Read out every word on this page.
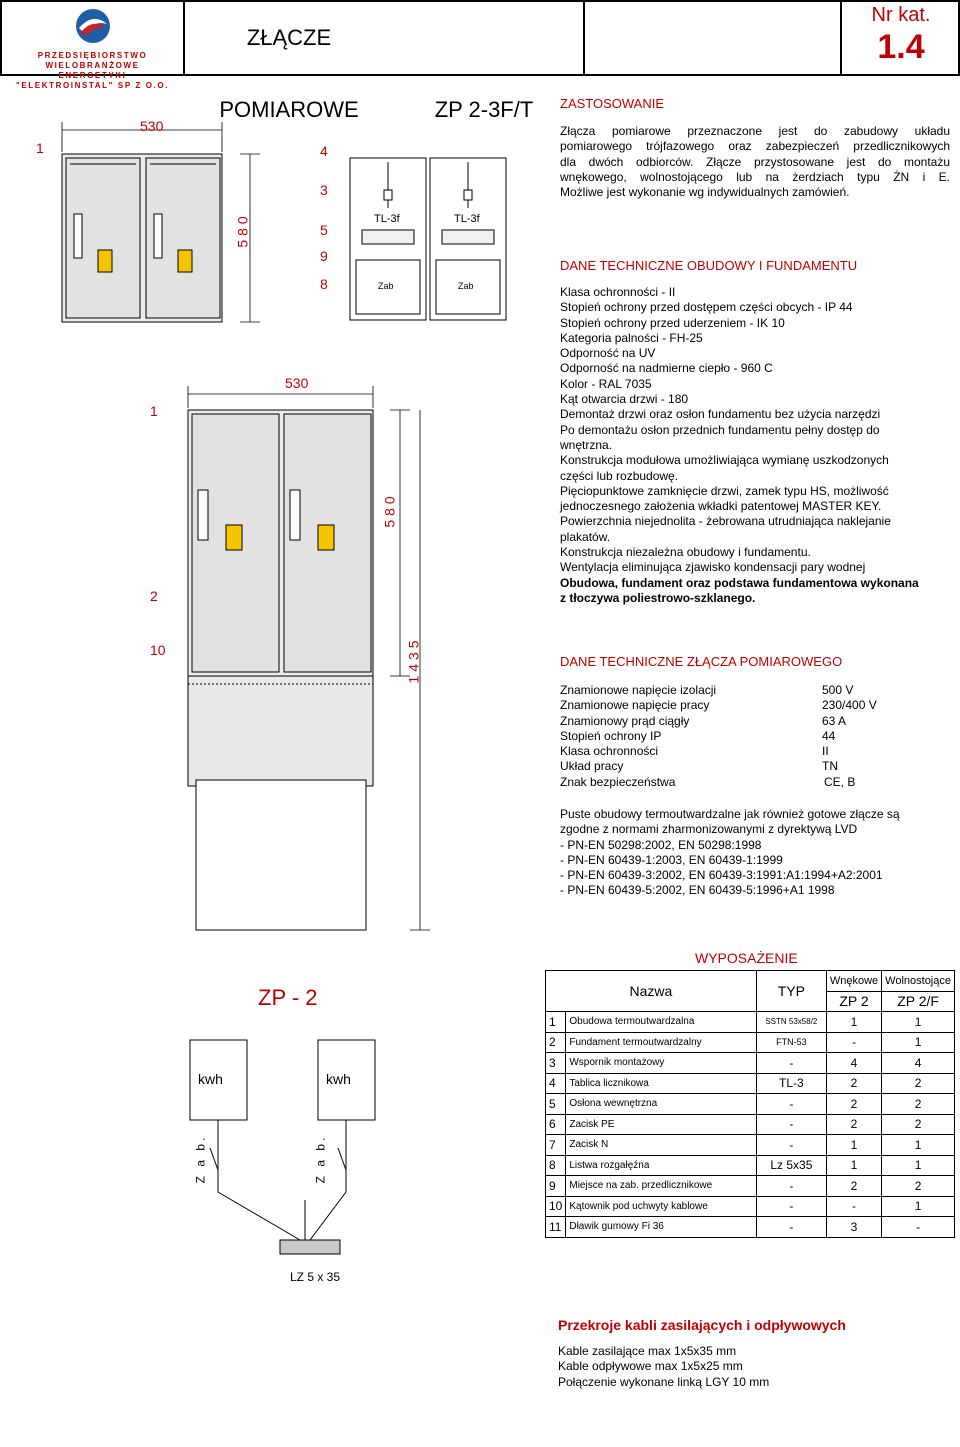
PRZEDSIĘBIORSTWO WIELOBRANŻOWE
ENERGETYKI
"ELEKTROINSTAL" SP Z O.O.
ZŁĄCZE POMIAROWE	ZP 2-3F/T
Nr kat.
1.4
530
580
530
580
1435
1	4
3
5
9
8
1
2
10
TL-3f	TL-3f
Zab	Zab
ZASTOSOWANIE

Złącza pomiarowe przeznaczone jest do zabudowy układu

pomiarowego trójfazowego oraz zabezpieczeń przedlicznikowych

dla dwóch odbiorców. Złącze przystosowane jest do montażu

wnękowego, wolnostojącego lub na żerdziach typu ŻN i E.

Możliwe jest wykonanie wg indywidualnych zamówień.

DANE TECHNICZNE OBUDOWY I FUNDAMENTU

Klasa ochronności - II

Stopień ochrony przed dostępem części obcych - IP 44

Stopień ochrony przed uderzeniem - IK 10

Kategoria palności - FH-25

Odporność na UV

Odporność na nadmierne ciepło - 960 C

Kolor - RAL 7035

Kąt otwarcia drzwi - 180

Demontaż drzwi oraz osłon fundamentu bez użycia narzędzi

Po demontażu osłon przednich fundamentu pełny dostęp do

wnętrzna.

Konstrukcja modułowa umożliwiająca wymianę uszkodzonych

części lub rozbudowę.

Pięciopunktowe zamknięcie drzwi, zamek typu HS, możliwość

jednoczesnego założenia wkładki patentowej MASTER KEY.

Powierzchnia niejednolita - żebrowana utrudniająca naklejanie

plakatów.

Konstrukcja niezależna obudowy i fundamentu.

Wentylacja eliminująca zjawisko kondensacji pary wodnej

Obudowa, fundament oraz podstawa fundamentowa wykonana

z tłoczywa poliestrowo-szklanego.

DANE TECHNICZNE ZŁĄCZA POMIAROWEGO
Znamionowe napięcie izolacji	500 V
Znamionowe napięcie pracy	230/400 V
Znamionowy prąd ciągły	63 A
Stopień ochrony IP	44
Klasa ochronności	II
Układ pracy	TN
Znak bezpieczeństwa	CE, B

Puste obudowy termoutwardzalne jak również gotowe złącze są

zgodne z normami zharmonizowanymi z dyrektywą LVD

- PN-EN 50298:2002, EN 50298:1998

- PN-EN 60439-1:2003, EN 60439-1:1999

- PN-EN 60439-3:2002, EN 60439-3:1991:A1:1994+A2:2001

- PN-EN 60439-5:2002, EN 60439-5:1996+A1 1998

ZP - 2
kwh	kwh
Z a b.	Z a b.
LZ 5 x 35
WYPOSAŻENIE
Nazwa		TYP	Wnękowe	Wolnostojące
			ZP 2	ZP 2/F
1	Obudowa termoutwardzalna	SSTN 53x58/2	1	1
2	Fundament termoutwardzalny	FTN-53	-	1
3	Wspornik montażowy	-	4	4
4	Tablica licznikowa	TL-3	2	2
5	Osłona wewnętrzna	-	2	2
6	Zacisk PE	-	2	2
7	Zacisk N	-	1	1
8	Listwa rozgałęźna	Lz 5x35	1	1
9	Miejsce na zab. przedlicznikowe	-	2	2
10	Kątownik pod uchwyty kablowe	-	-	1
11	Dławik gumowy Fi 36	-	3	-
Przekroje kabli zasilających i odpływowych

Kable zasilające max 1x5x35 mm

Kable odpływowe max 1x5x25 mm

Połączenie wykonane linką LGY 10 mm
